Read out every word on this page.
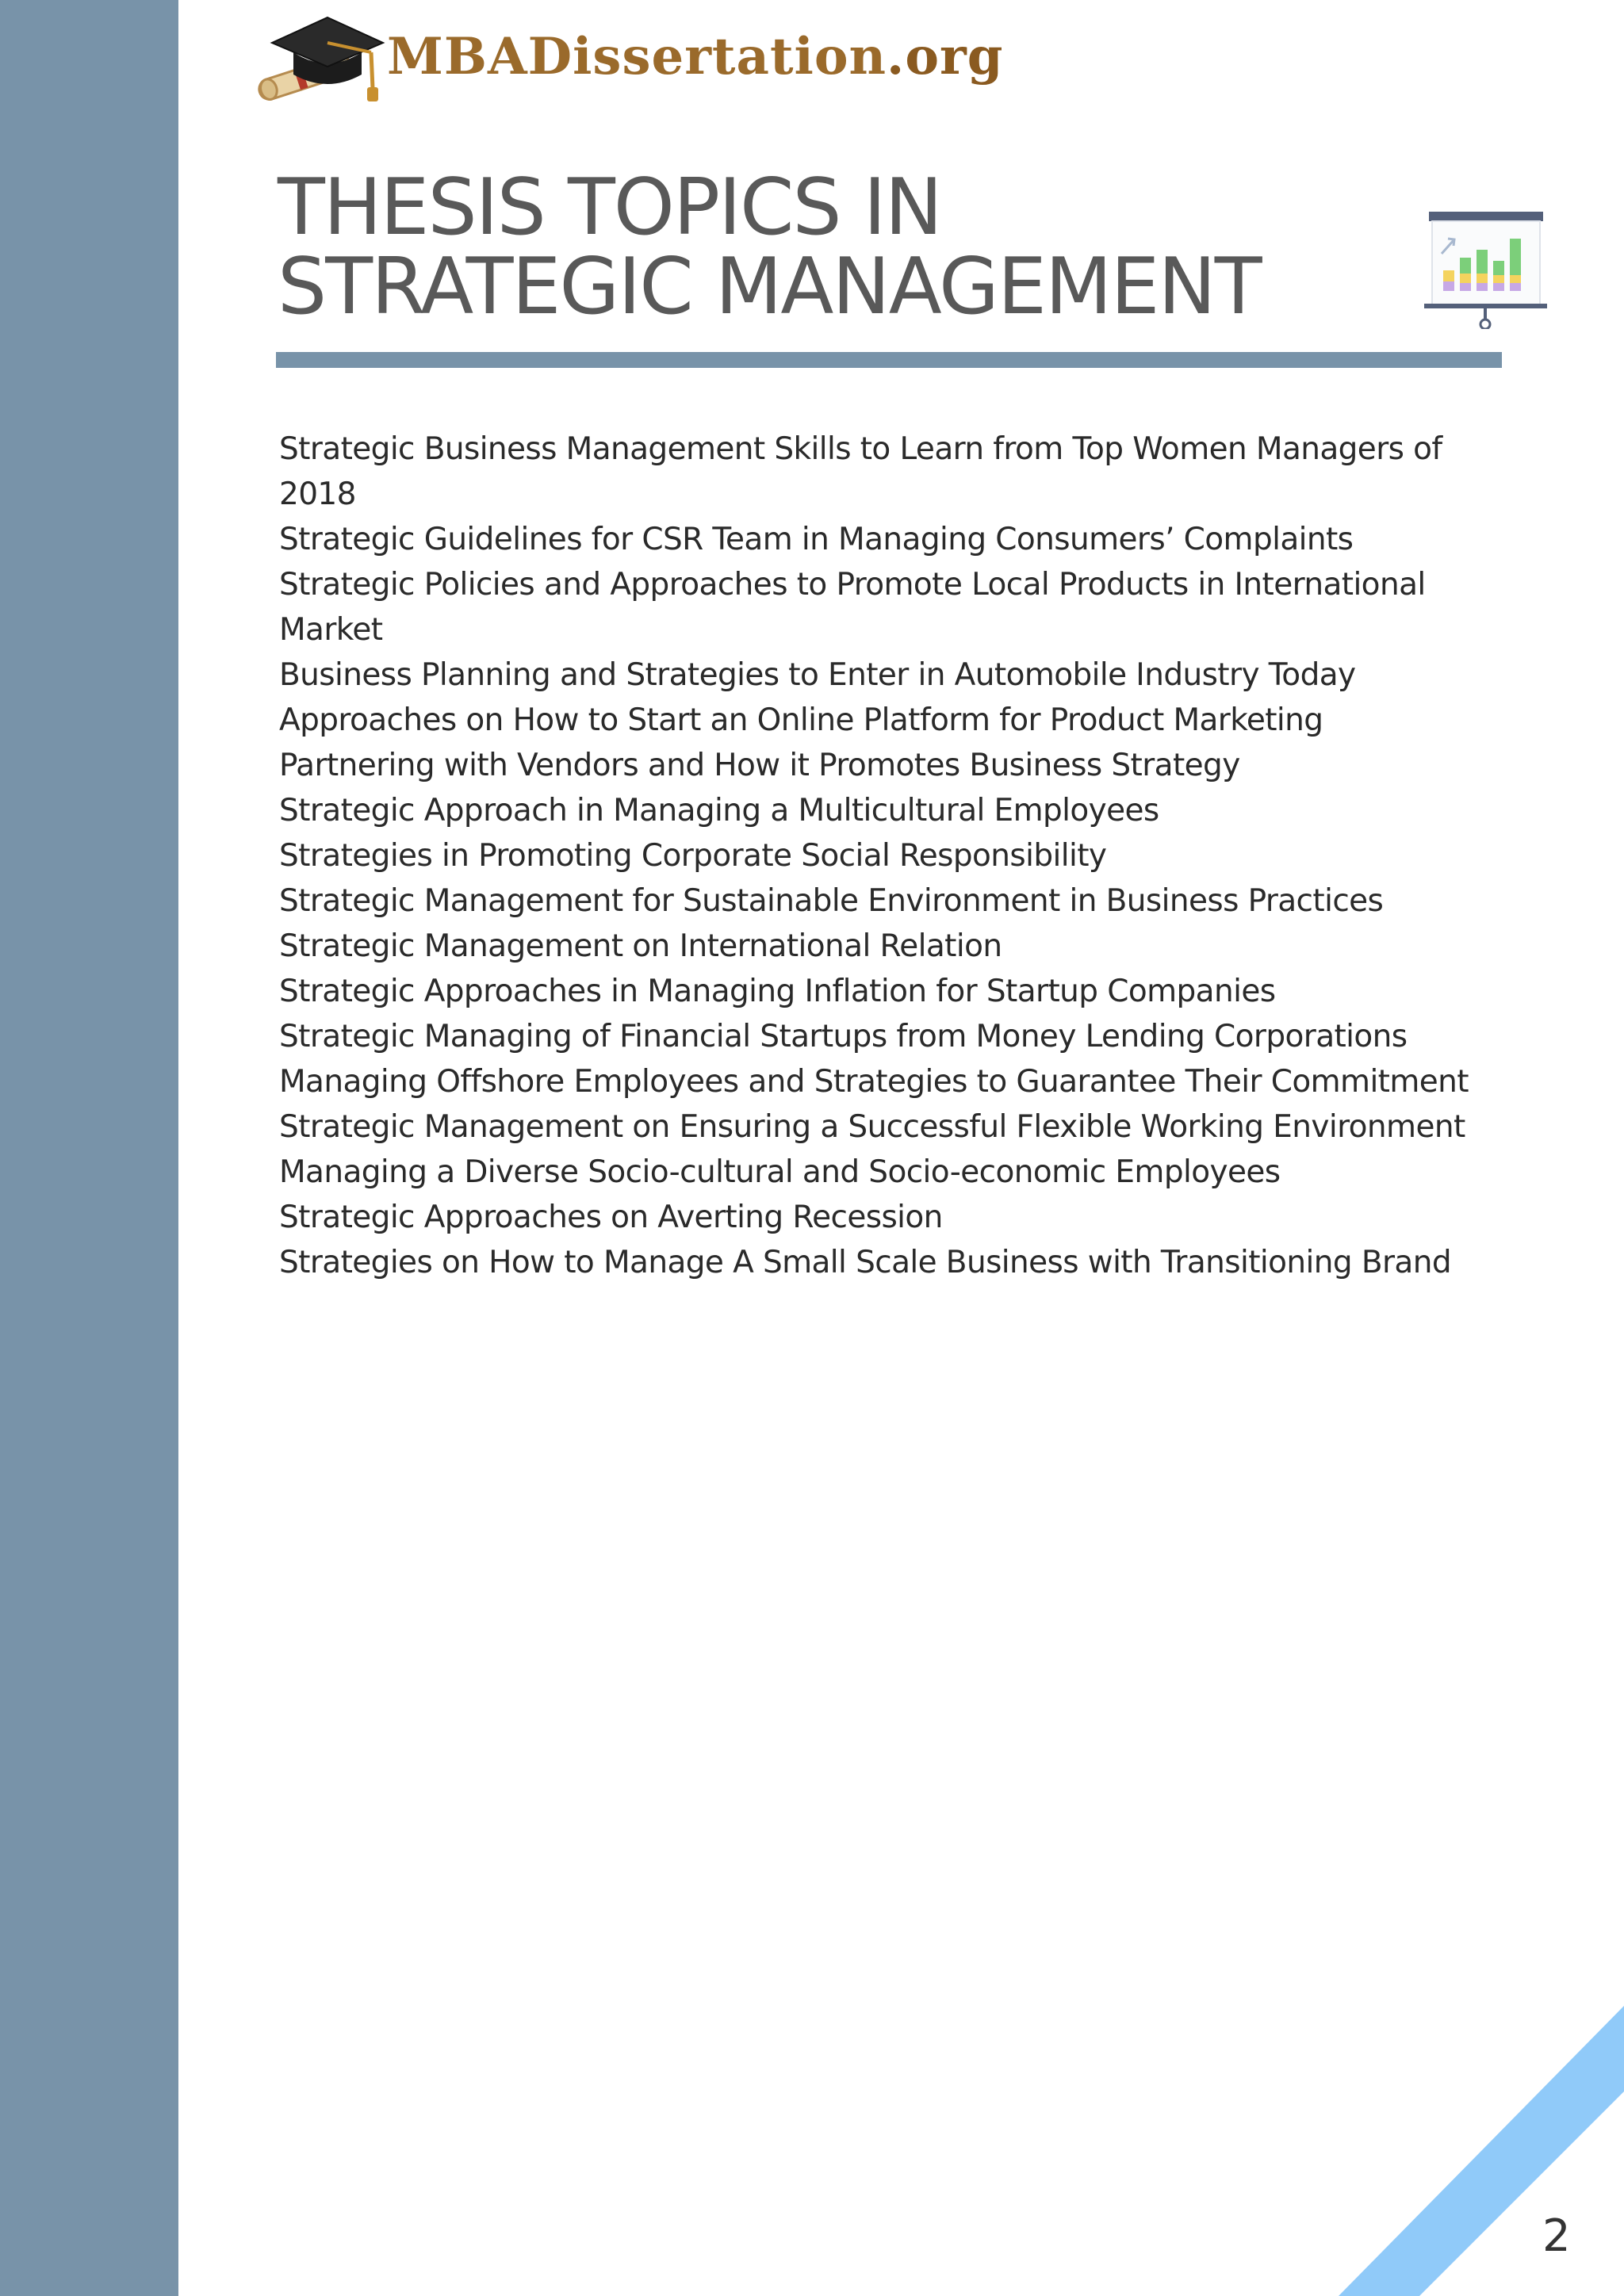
MBADissertation.org
THESIS TOPICS IN
STRATEGIC MANAGEMENT
Strategic Business Management Skills to Learn from Top Women Managers of 2018
Strategic Guidelines for CSR Team in Managing Consumers’ Complaints
Strategic Policies and Approaches to Promote Local Products in International Market
Business Planning and Strategies to Enter in Automobile Industry Today
Approaches on How to Start an Online Platform for Product Marketing
Partnering with Vendors and How it Promotes Business Strategy
Strategic Approach in Managing a Multicultural Employees
Strategies in Promoting Corporate Social Responsibility
Strategic Management for Sustainable Environment in Business Practices
Strategic Management on International Relation
Strategic Approaches in Managing Inflation for Startup Companies
Strategic Managing of Financial Startups from Money Lending Corporations
Managing Offshore Employees and Strategies to Guarantee Their Commitment
Strategic Management on Ensuring a Successful Flexible Working Environment
Managing a Diverse Socio-cultural and Socio-economic Employees
Strategic Approaches on Averting Recession
Strategies on How to Manage A Small Scale Business with Transitioning Brand
2
